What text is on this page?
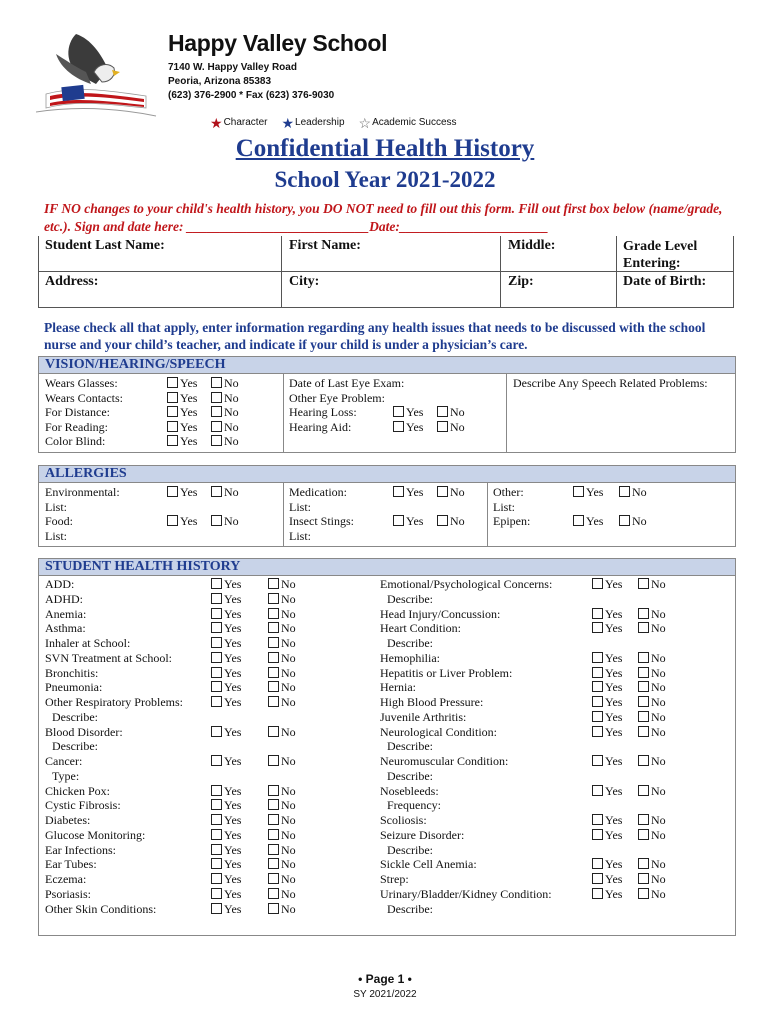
Happy Valley School
7140 W. Happy Valley Road
Peoria, Arizona 85383
(623) 376-2900 * Fax (623) 376-9030
★ Character ★ Leadership ☆ Academic Success
Confidential Health History
School Year 2021-2022
IF NO changes to your child's health history, you DO NOT need to fill out this form. Fill out first box below (name/grade, etc.). Sign and date here: ___________________________Date:______________________
Student Last Name:	First Name:	Middle:	Grade Level Entering:
Address:	City:	Zip:	Date of Birth:
Please check all that apply, enter information regarding any health issues that needs to be discussed with the school nurse and your child’s teacher, and indicate if your child is under a physician’s care.
VISION/HEARING/SPEECH
Wears Glasses:	Yes	No
Wears Contacts:	Yes	No
For Distance:	Yes	No
For Reading:	Yes	No
Color Blind:	Yes	No
Date of Last Eye Exam:
Other Eye Problem:
Hearing Loss:	Yes	No
Hearing Aid:	Yes	No
Describe Any Speech Related Problems:
ALLERGIES
Environmental:	Yes	No
List:
Food:	Yes	No
List:
Medication:	Yes	No
List:
Insect Stings:	Yes	No
List:
Other:	Yes	No
List:
Epipen:	Yes	No
STUDENT HEALTH HISTORY
ADD:	Yes	No
ADHD:	Yes	No
Anemia:	Yes	No
Asthma:	Yes	No
Inhaler at School:	Yes	No
SVN Treatment at School:	Yes	No
Bronchitis:	Yes	No
Pneumonia:	Yes	No
Other Respiratory Problems:	Yes	No
Describe:
Blood Disorder:	Yes	No
Describe:
Cancer:	Yes	No
Type:
Chicken Pox:	Yes	No
Cystic Fibrosis:	Yes	No
Diabetes:	Yes	No
Glucose Monitoring:	Yes	No
Ear Infections:	Yes	No
Ear Tubes:	Yes	No
Eczema:	Yes	No
Psoriasis:	Yes	No
Other Skin Conditions:	Yes	No
Emotional/Psychological Concerns:	Yes	No
Describe:
Head Injury/Concussion:	Yes	No
Heart Condition:	Yes	No
Describe:
Hemophilia:	Yes	No
Hepatitis or Liver Problem:	Yes	No
Hernia:	Yes	No
High Blood Pressure:	Yes	No
Juvenile Arthritis:	Yes	No
Neurological Condition:	Yes	No
Describe:
Neuromuscular Condition:	Yes	No
Describe:
Nosebleeds:	Yes	No
Frequency:
Scoliosis:	Yes	No
Seizure Disorder:	Yes	No
Describe:
Sickle Cell Anemia:	Yes	No
Strep:	Yes	No
Urinary/Bladder/Kidney Condition:	Yes	No
Describe:
• Page 1 •
SY 2021/2022
